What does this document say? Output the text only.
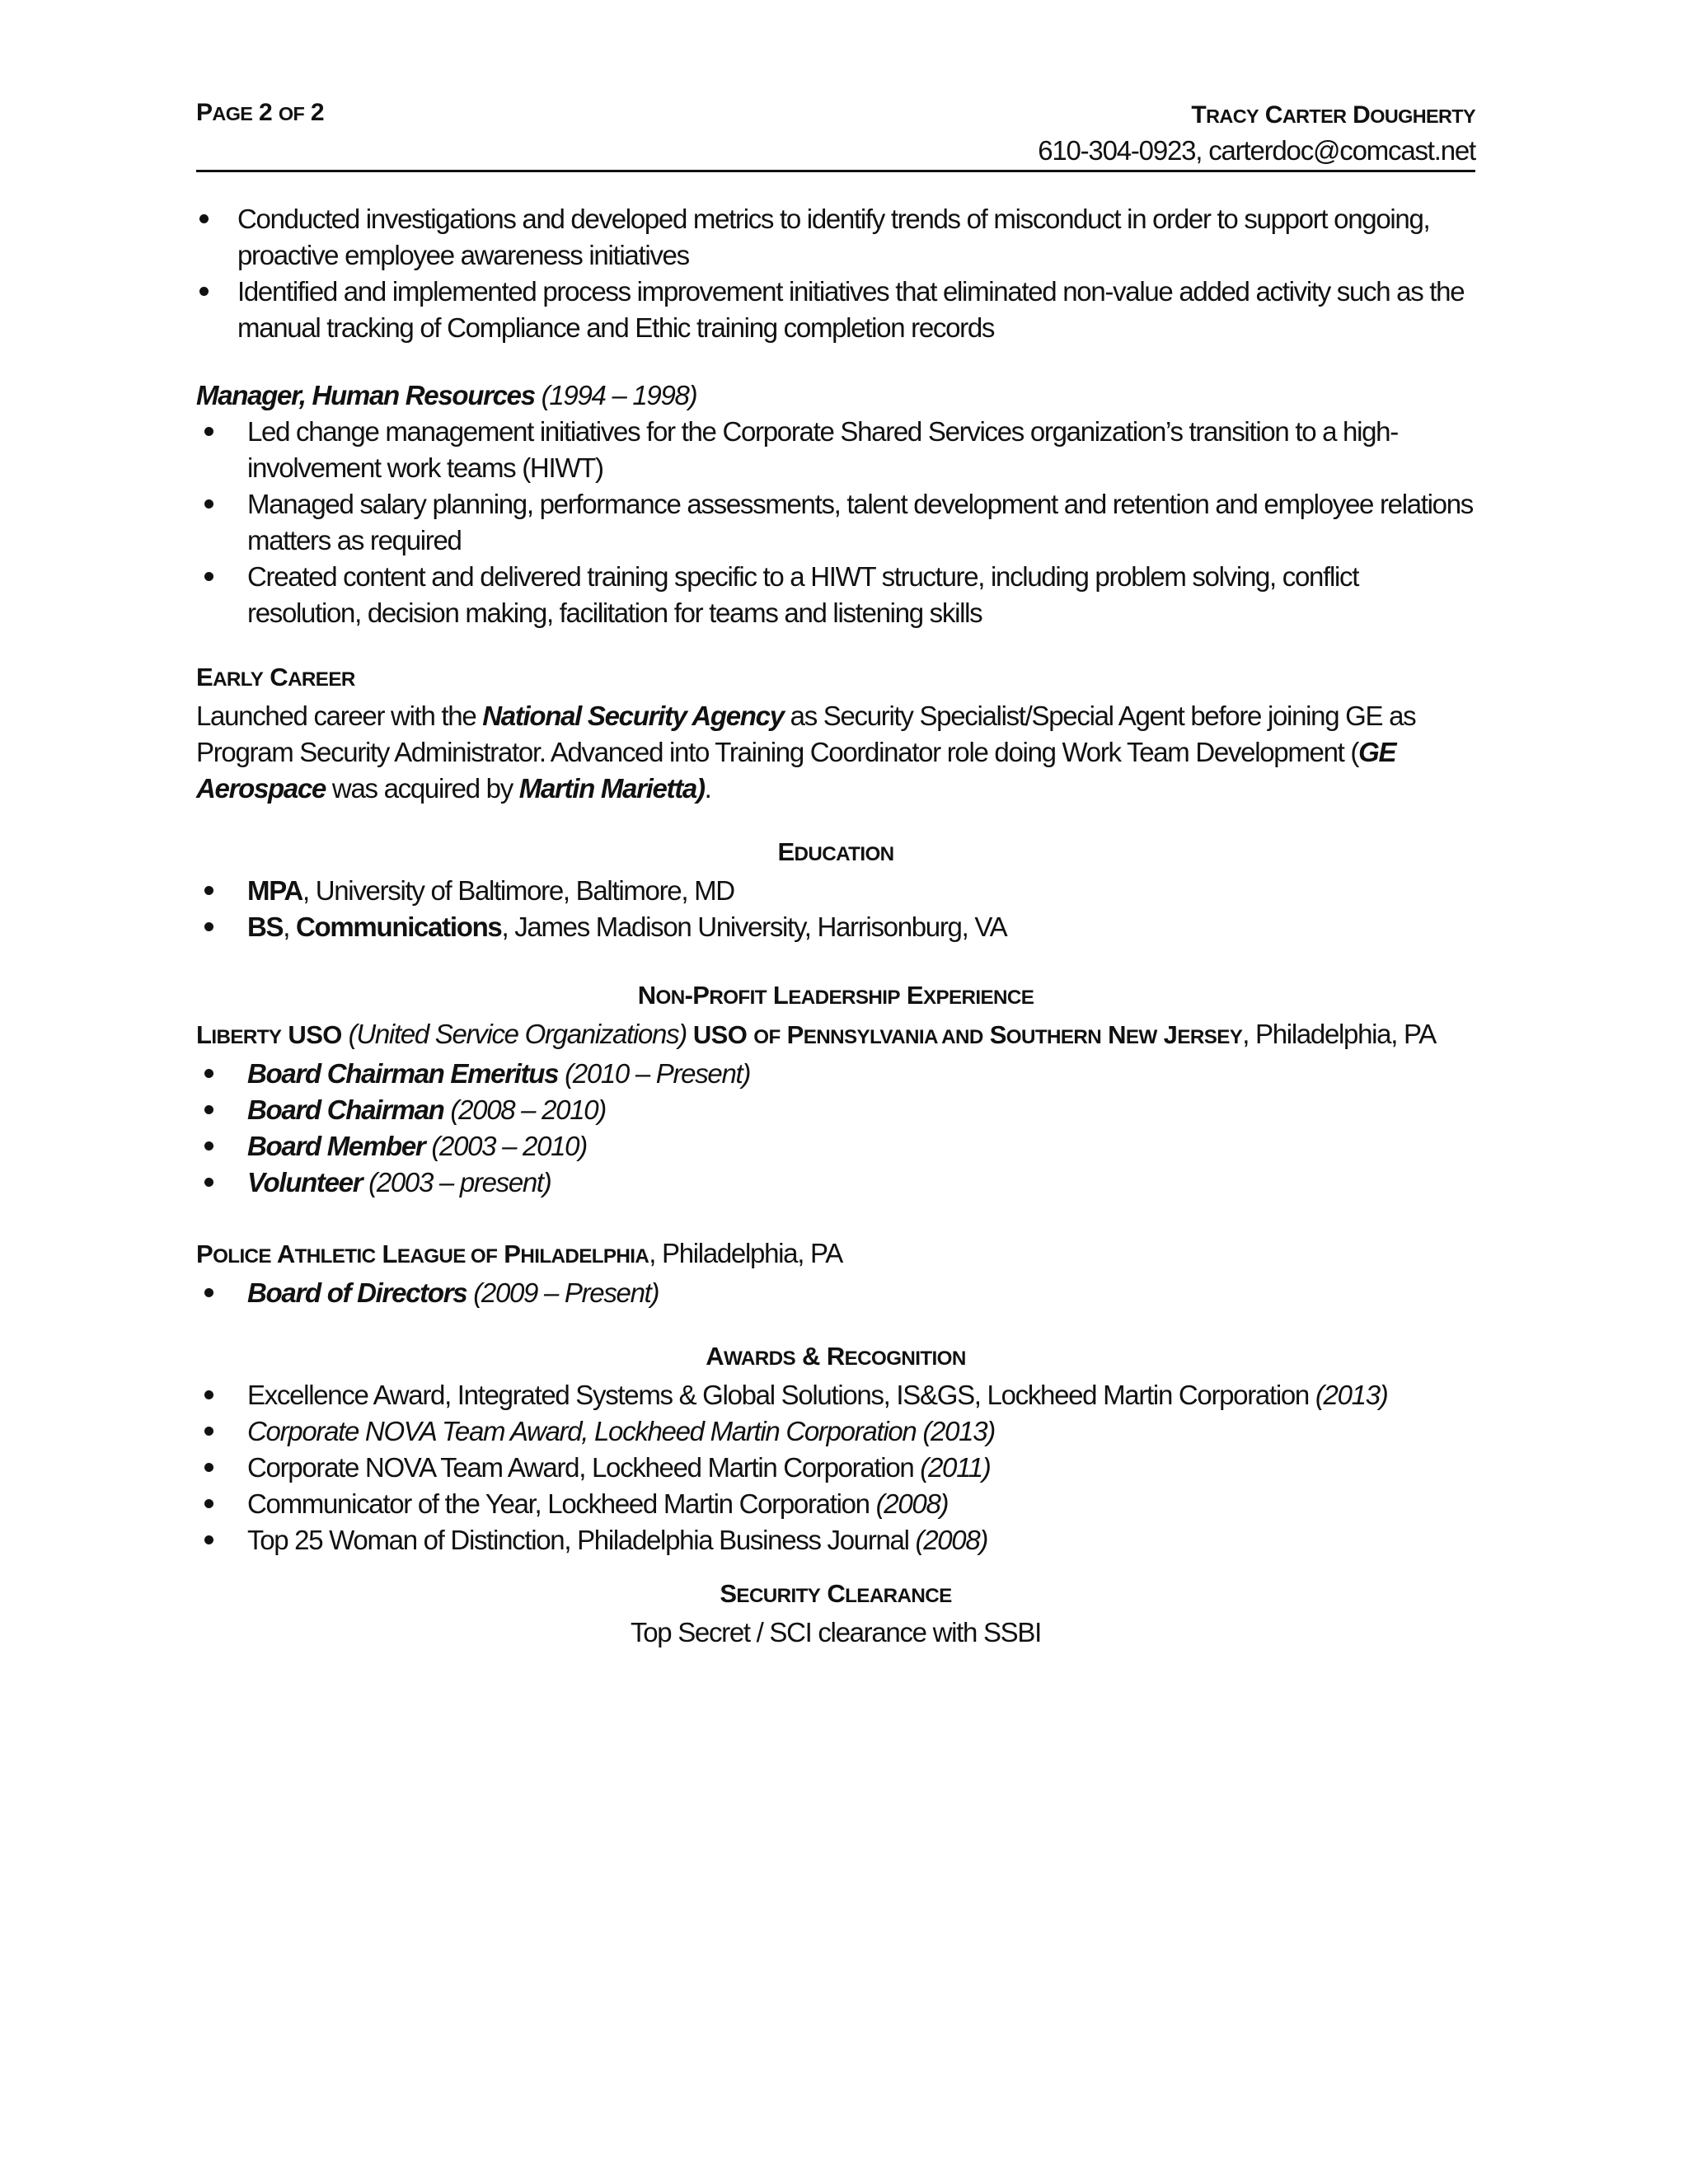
PAGE 2 OF 2	TRACY CARTER DOUGHERTY
610-304-0923, carterdoc@comcast.net
Conducted investigations and developed metrics to identify trends of misconduct in order to support ongoing, proactive employee awareness initiatives
Identified and implemented process improvement initiatives that eliminated non-value added activity such as the manual tracking of Compliance and Ethic training completion records
Manager, Human Resources (1994 – 1998)
Led change management initiatives for the Corporate Shared Services organization’s transition to a high-involvement work teams (HIWT)
Managed salary planning, performance assessments, talent development and retention and employee relations matters as required
Created content and delivered training specific to a HIWT structure, including problem solving, conflict resolution, decision making, facilitation for teams and listening skills
EARLY CAREER
Launched career with the National Security Agency as Security Specialist/Special Agent before joining GE as Program Security Administrator. Advanced into Training Coordinator role doing Work Team Development (GE Aerospace was acquired by Martin Marietta).
EDUCATION
MPA, University of Baltimore, Baltimore, MD
BS, Communications, James Madison University, Harrisonburg, VA
NON-PROFIT LEADERSHIP EXPERIENCE
LIBERTY USO (United Service Organizations) USO OF PENNSYLVANIA AND SOUTHERN NEW JERSEY, Philadelphia, PA
Board Chairman Emeritus (2010 – Present)
Board Chairman (2008 – 2010)
Board Member (2003 – 2010)
Volunteer (2003 – present)
POLICE ATHLETIC LEAGUE OF PHILADELPHIA, Philadelphia, PA
Board of Directors (2009 – Present)
AWARDS & RECOGNITION
Excellence Award, Integrated Systems & Global Solutions, IS&GS, Lockheed Martin Corporation (2013)
Corporate NOVA Team Award, Lockheed Martin Corporation (2013)
Corporate NOVA Team Award, Lockheed Martin Corporation (2011)
Communicator of the Year, Lockheed Martin Corporation (2008)
Top 25 Woman of Distinction, Philadelphia Business Journal (2008)
SECURITY CLEARANCE
Top Secret / SCI clearance with SSBI
